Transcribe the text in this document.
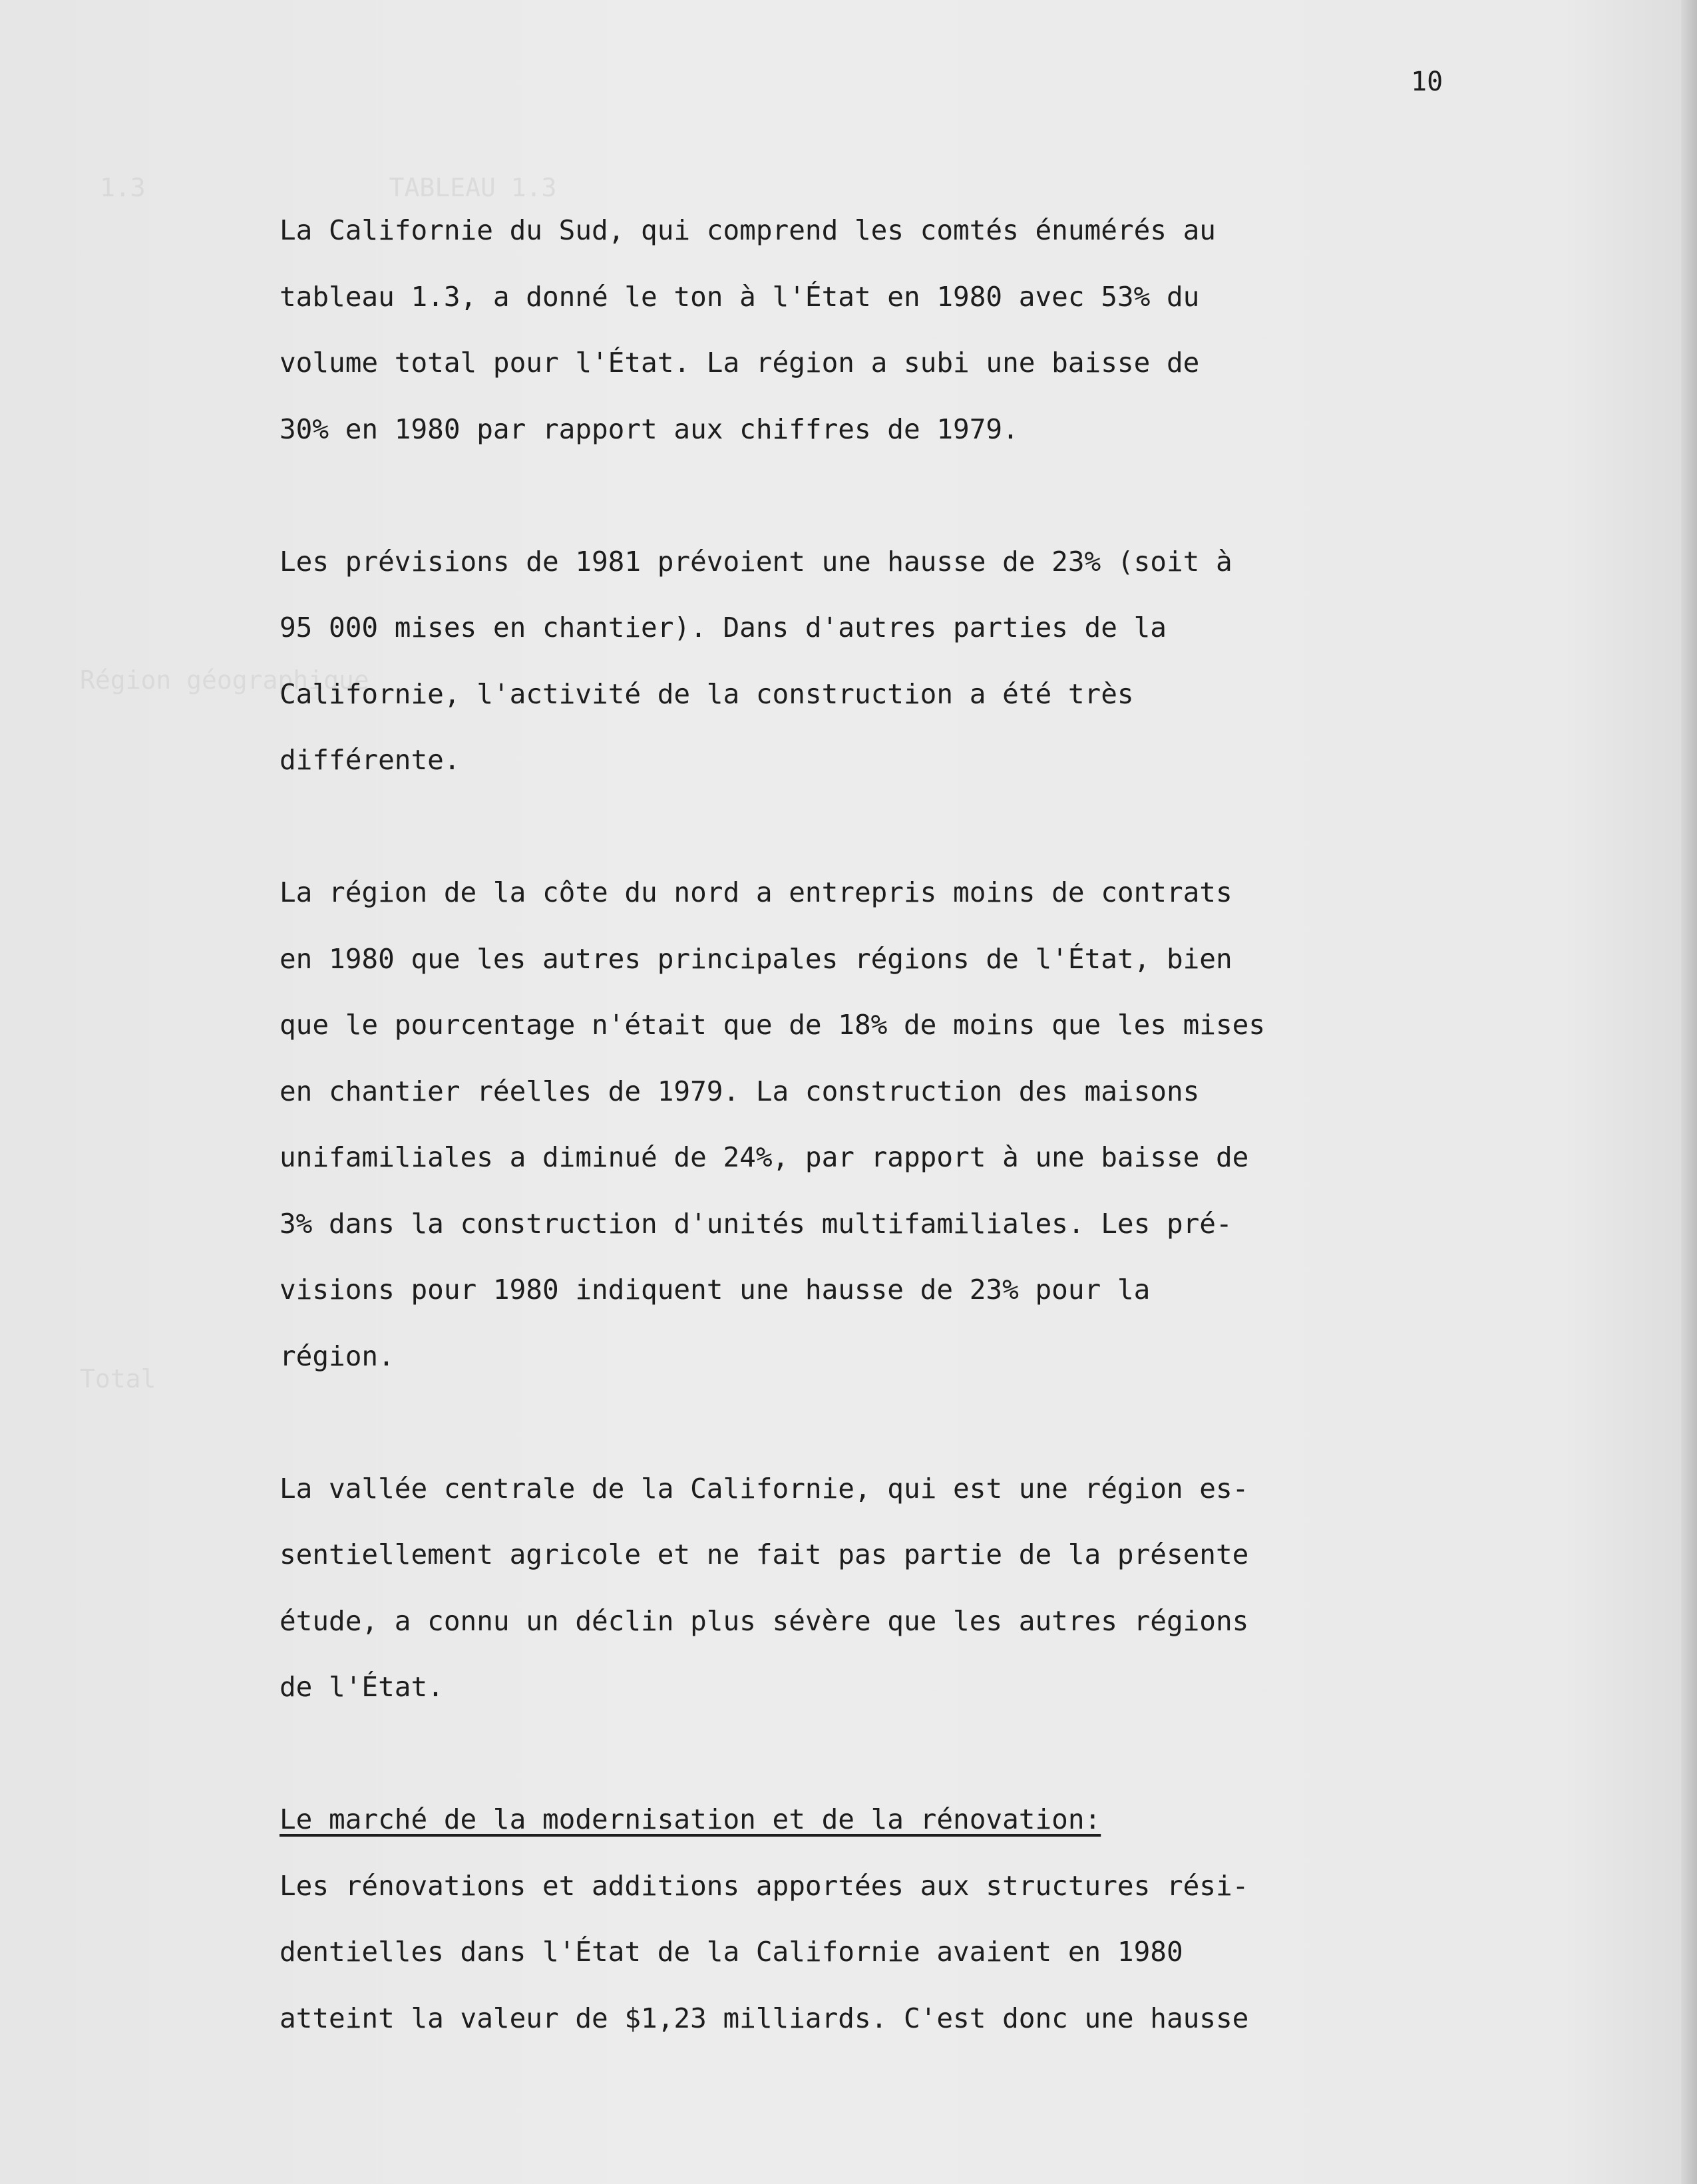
1.3                TABLEAU 1.3
Région géographique
Total
10

La Californie du Sud, qui comprend les comtés énumérés au
tableau 1.3, a donné le ton à l'État en 1980 avec 53% du
volume total pour l'État. La région a subi une baisse de
30% en 1980 par rapport aux chiffres de 1979.

Les prévisions de 1981 prévoient une hausse de 23% (soit à
95 000 mises en chantier). Dans d'autres parties de la
Californie, l'activité de la construction a été très
différente.

La région de la côte du nord a entrepris moins de contrats
en 1980 que les autres principales régions de l'État, bien
que le pourcentage n'était que de 18% de moins que les mises
en chantier réelles de 1979. La construction des maisons
unifamiliales a diminué de 24%, par rapport à une baisse de
3% dans la construction d'unités multifamiliales. Les pré-
visions pour 1980 indiquent une hausse de 23% pour la
région.

La vallée centrale de la Californie, qui est une région es-
sentiellement agricole et ne fait pas partie de la présente
étude, a connu un déclin plus sévère que les autres régions
de l'État.

Le marché de la modernisation et de la rénovation:

Les rénovations et additions apportées aux structures rési-
dentielles dans l'État de la Californie avaient en 1980
atteint la valeur de $1,23 milliards. C'est donc une hausse
